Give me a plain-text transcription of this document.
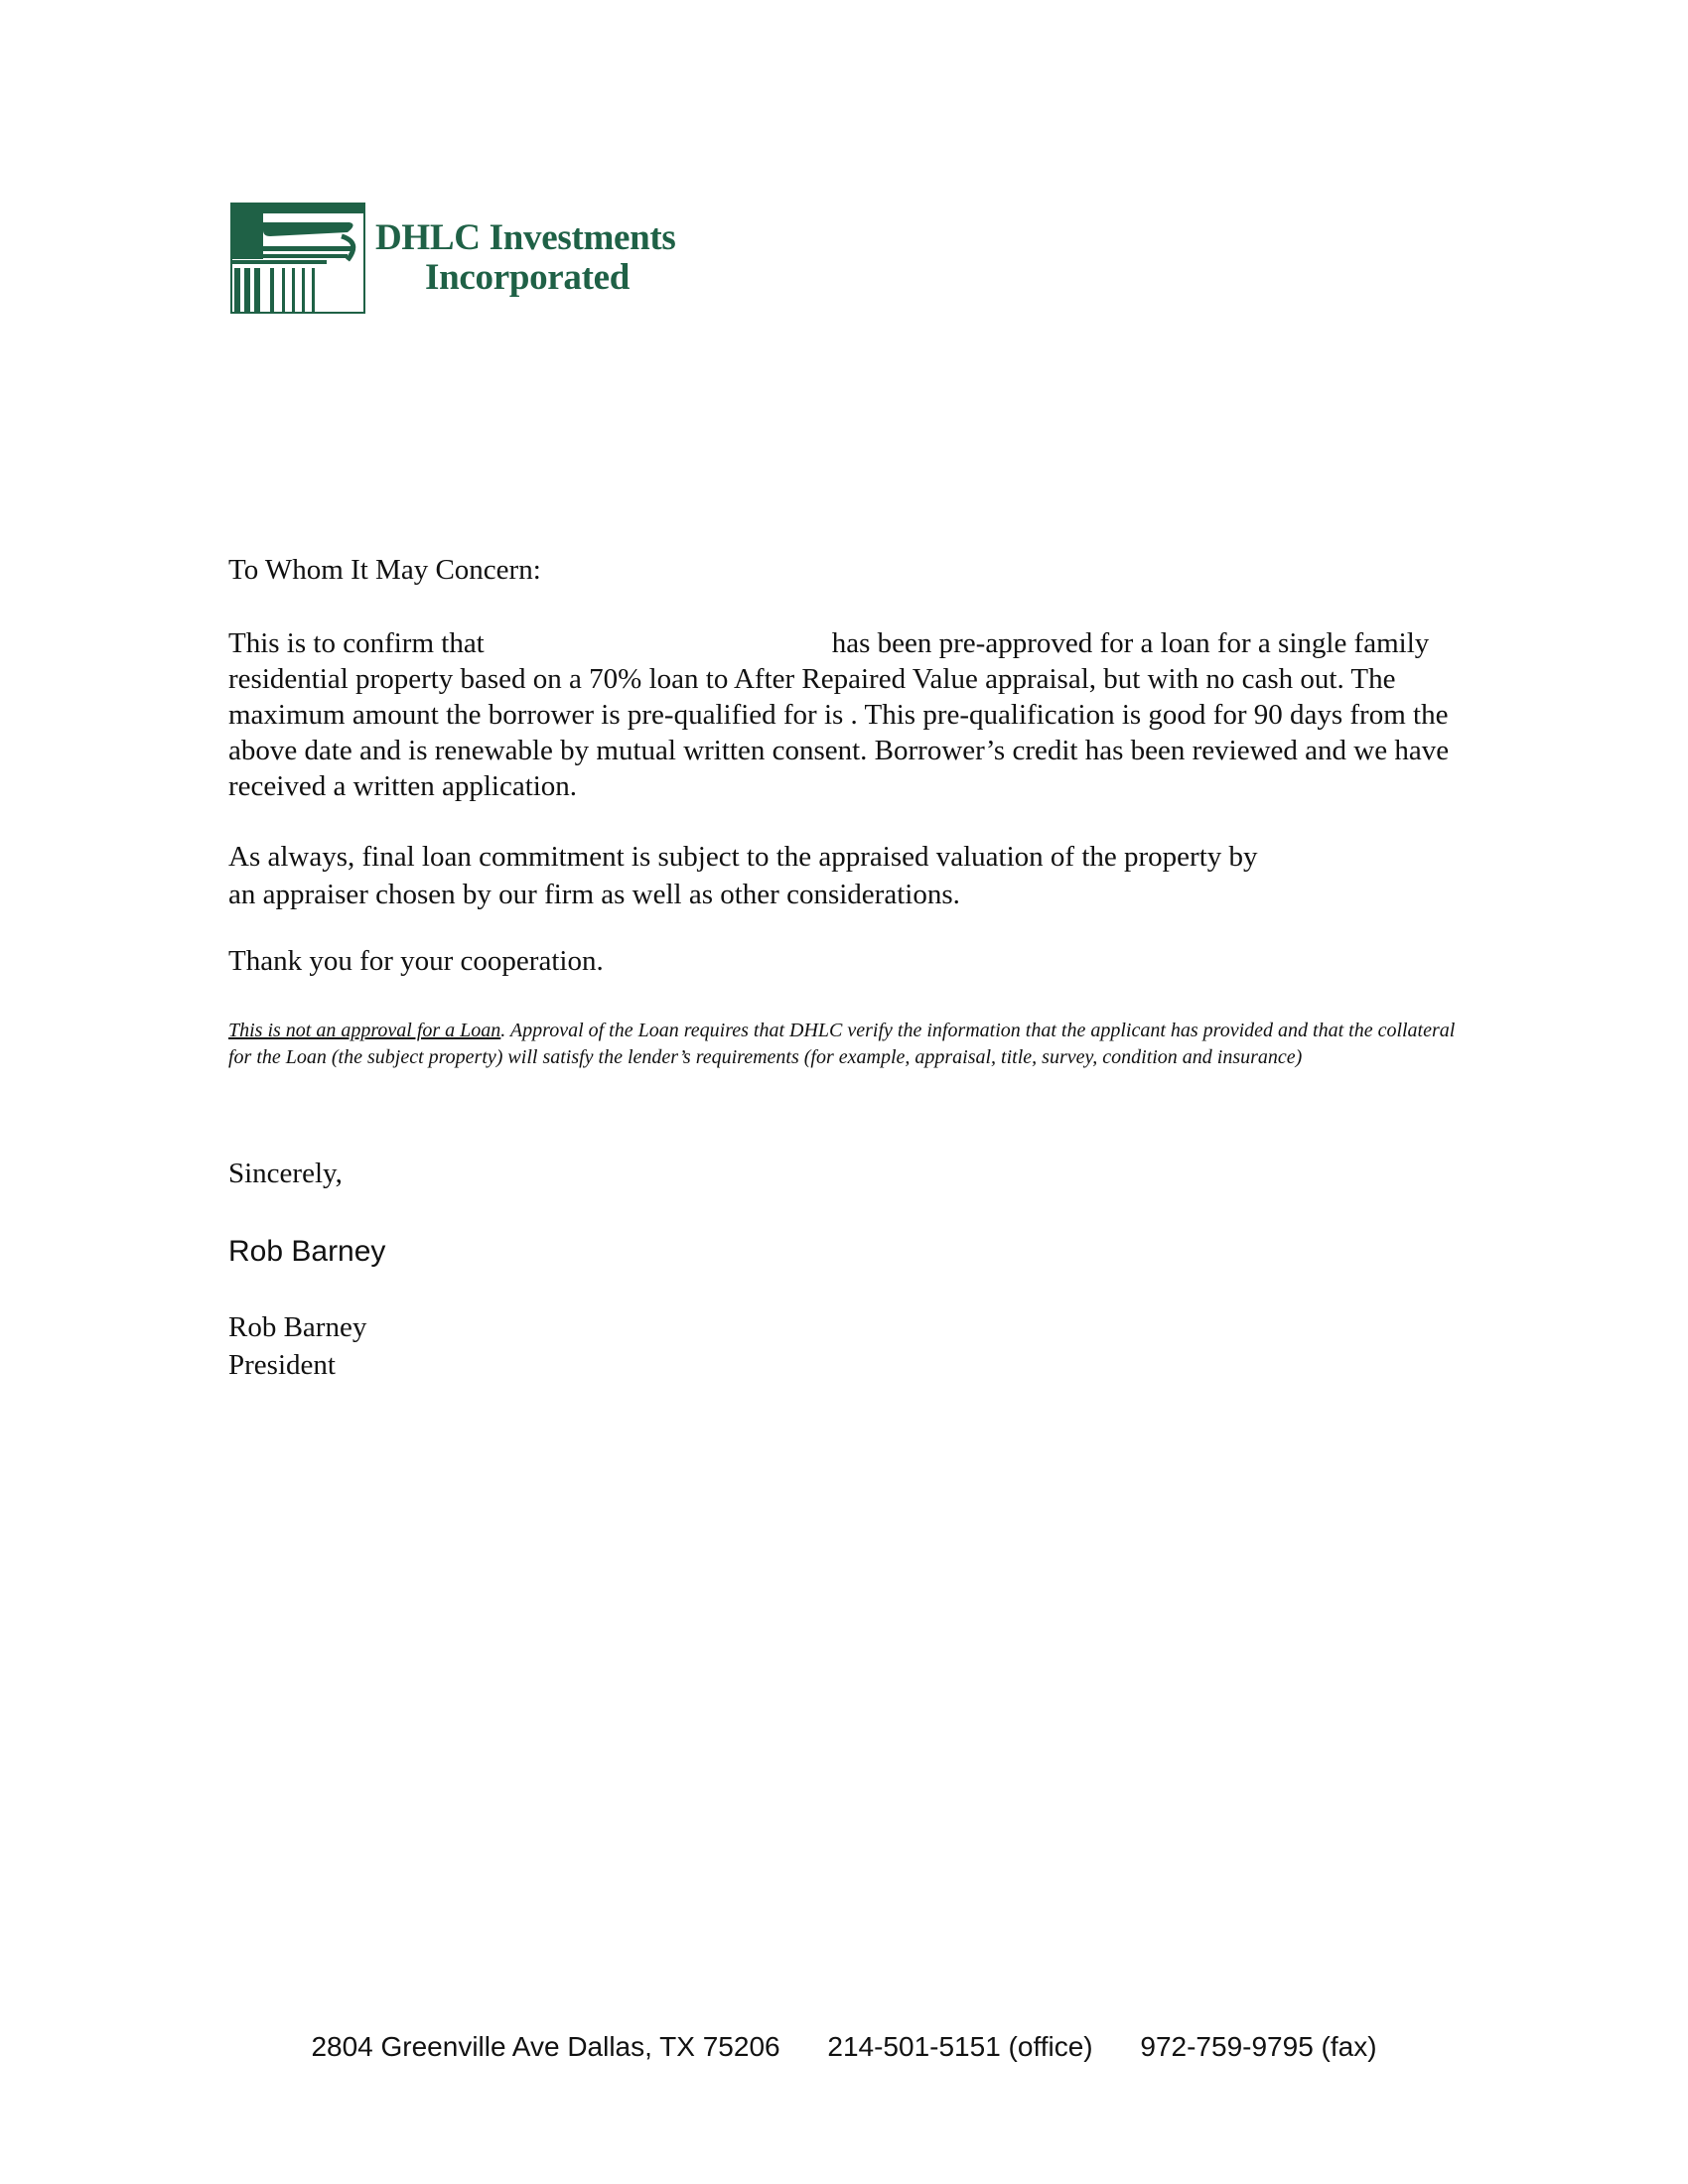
DHLC Investments
Incorporated
To Whom It May Concern:
This is to confirm that	has been pre-approved for a loan for a single family residential property based on a 70% loan to After Repaired Value appraisal, but with no cash out. The maximum amount the borrower is pre-qualified for is . This pre-qualification is good for 90 days from the above date and is renewable by mutual written consent. Borrower’s credit has been reviewed and we have received a written application.
As always, final loan commitment is subject to the appraised valuation of the property by
an appraiser chosen by our firm as well as other considerations.
Thank you for your cooperation.
This is not an approval for a Loan. Approval of the Loan requires that DHLC verify the information that the applicant has provided and that the collateral for the Loan (the subject property) will satisfy the lender’s requirements (for example, appraisal, title, survey, condition and insurance)
Sincerely,
Rob Barney
Rob Barney
President
2804 Greenville Ave Dallas, TX 75206 214-501-5151 (office) 972-759-9795 (fax)
